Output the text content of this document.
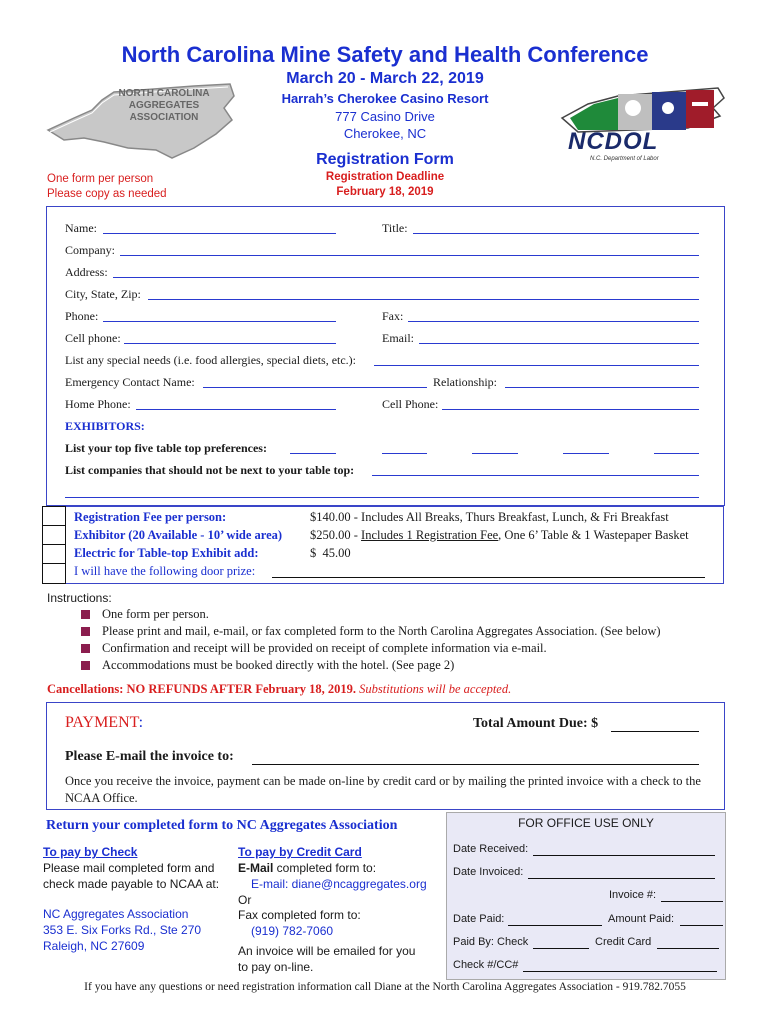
North Carolina Mine Safety and Health Conference
March 20 - March 22, 2019
Harrah’s Cherokee Casino Resort
777 Casino Drive
Cherokee, NC
Registration Form
Registration Deadline
February 18, 2019
One form per person
Please copy as needed
NORTH CAROLINA
AGGREGATES
ASSOCIATION
NCDOL
N.C. Department of Labor
Name:	Title:
Company:
Address:
City, State, Zip:
Phone:	Fax:
Cell phone:	Email:
List any special needs (i.e. food allergies, special diets, etc.):
Emergency Contact Name:	Relationship:
Home Phone:	Cell Phone:
EXHIBITORS:
List your top five table top preferences:
List companies that should not be next to your table top:
Registration Fee per person:	$140.00 - Includes All Breaks, Thurs Breakfast, Lunch, & Fri Breakfast
Exhibitor (20 Available - 10’ wide area) $250.00 - Includes 1 Registration Fee, One 6’ Table & 1 Wastepaper Basket
Electric for Table-top Exhibit add:	$  45.00
I will have the following door prize:
Instructions:
One form per person.
Please print and mail, e-mail, or fax completed form to the North Carolina Aggregates Association. (See below)
Confirmation and receipt will be provided on receipt of complete information via e-mail.
Accommodations must be booked directly with the hotel. (See page 2)
Cancellations: NO REFUNDS AFTER February 18, 2019. Substitutions will be accepted.
PAYMENT:	Total Amount Due: $
Please E-mail the invoice to:
Once you receive the invoice, payment can be made on-line by credit card or by mailing the printed invoice with a check to the NCAA Office.
Return your completed form to NC Aggregates Association
To pay by Check
Please mail completed form and
check made payable to NCAA at:
NC Aggregates Association
353 E. Six Forks Rd., Ste 270
Raleigh, NC 27609
To pay by Credit Card
E-Mail completed form to:
E-mail: diane@ncaggregates.org
Or
Fax completed form to:
(919) 782-7060
An invoice will be emailed for you
to pay on-line.
FOR OFFICE USE ONLY
Date Received:
Date Invoiced:
Invoice #:
Date Paid:	Amount Paid:
Paid By: Check	Credit Card
Check #/CC#
If you have any questions or need registration information call Diane at the North Carolina Aggregates Association - 919.782.7055
